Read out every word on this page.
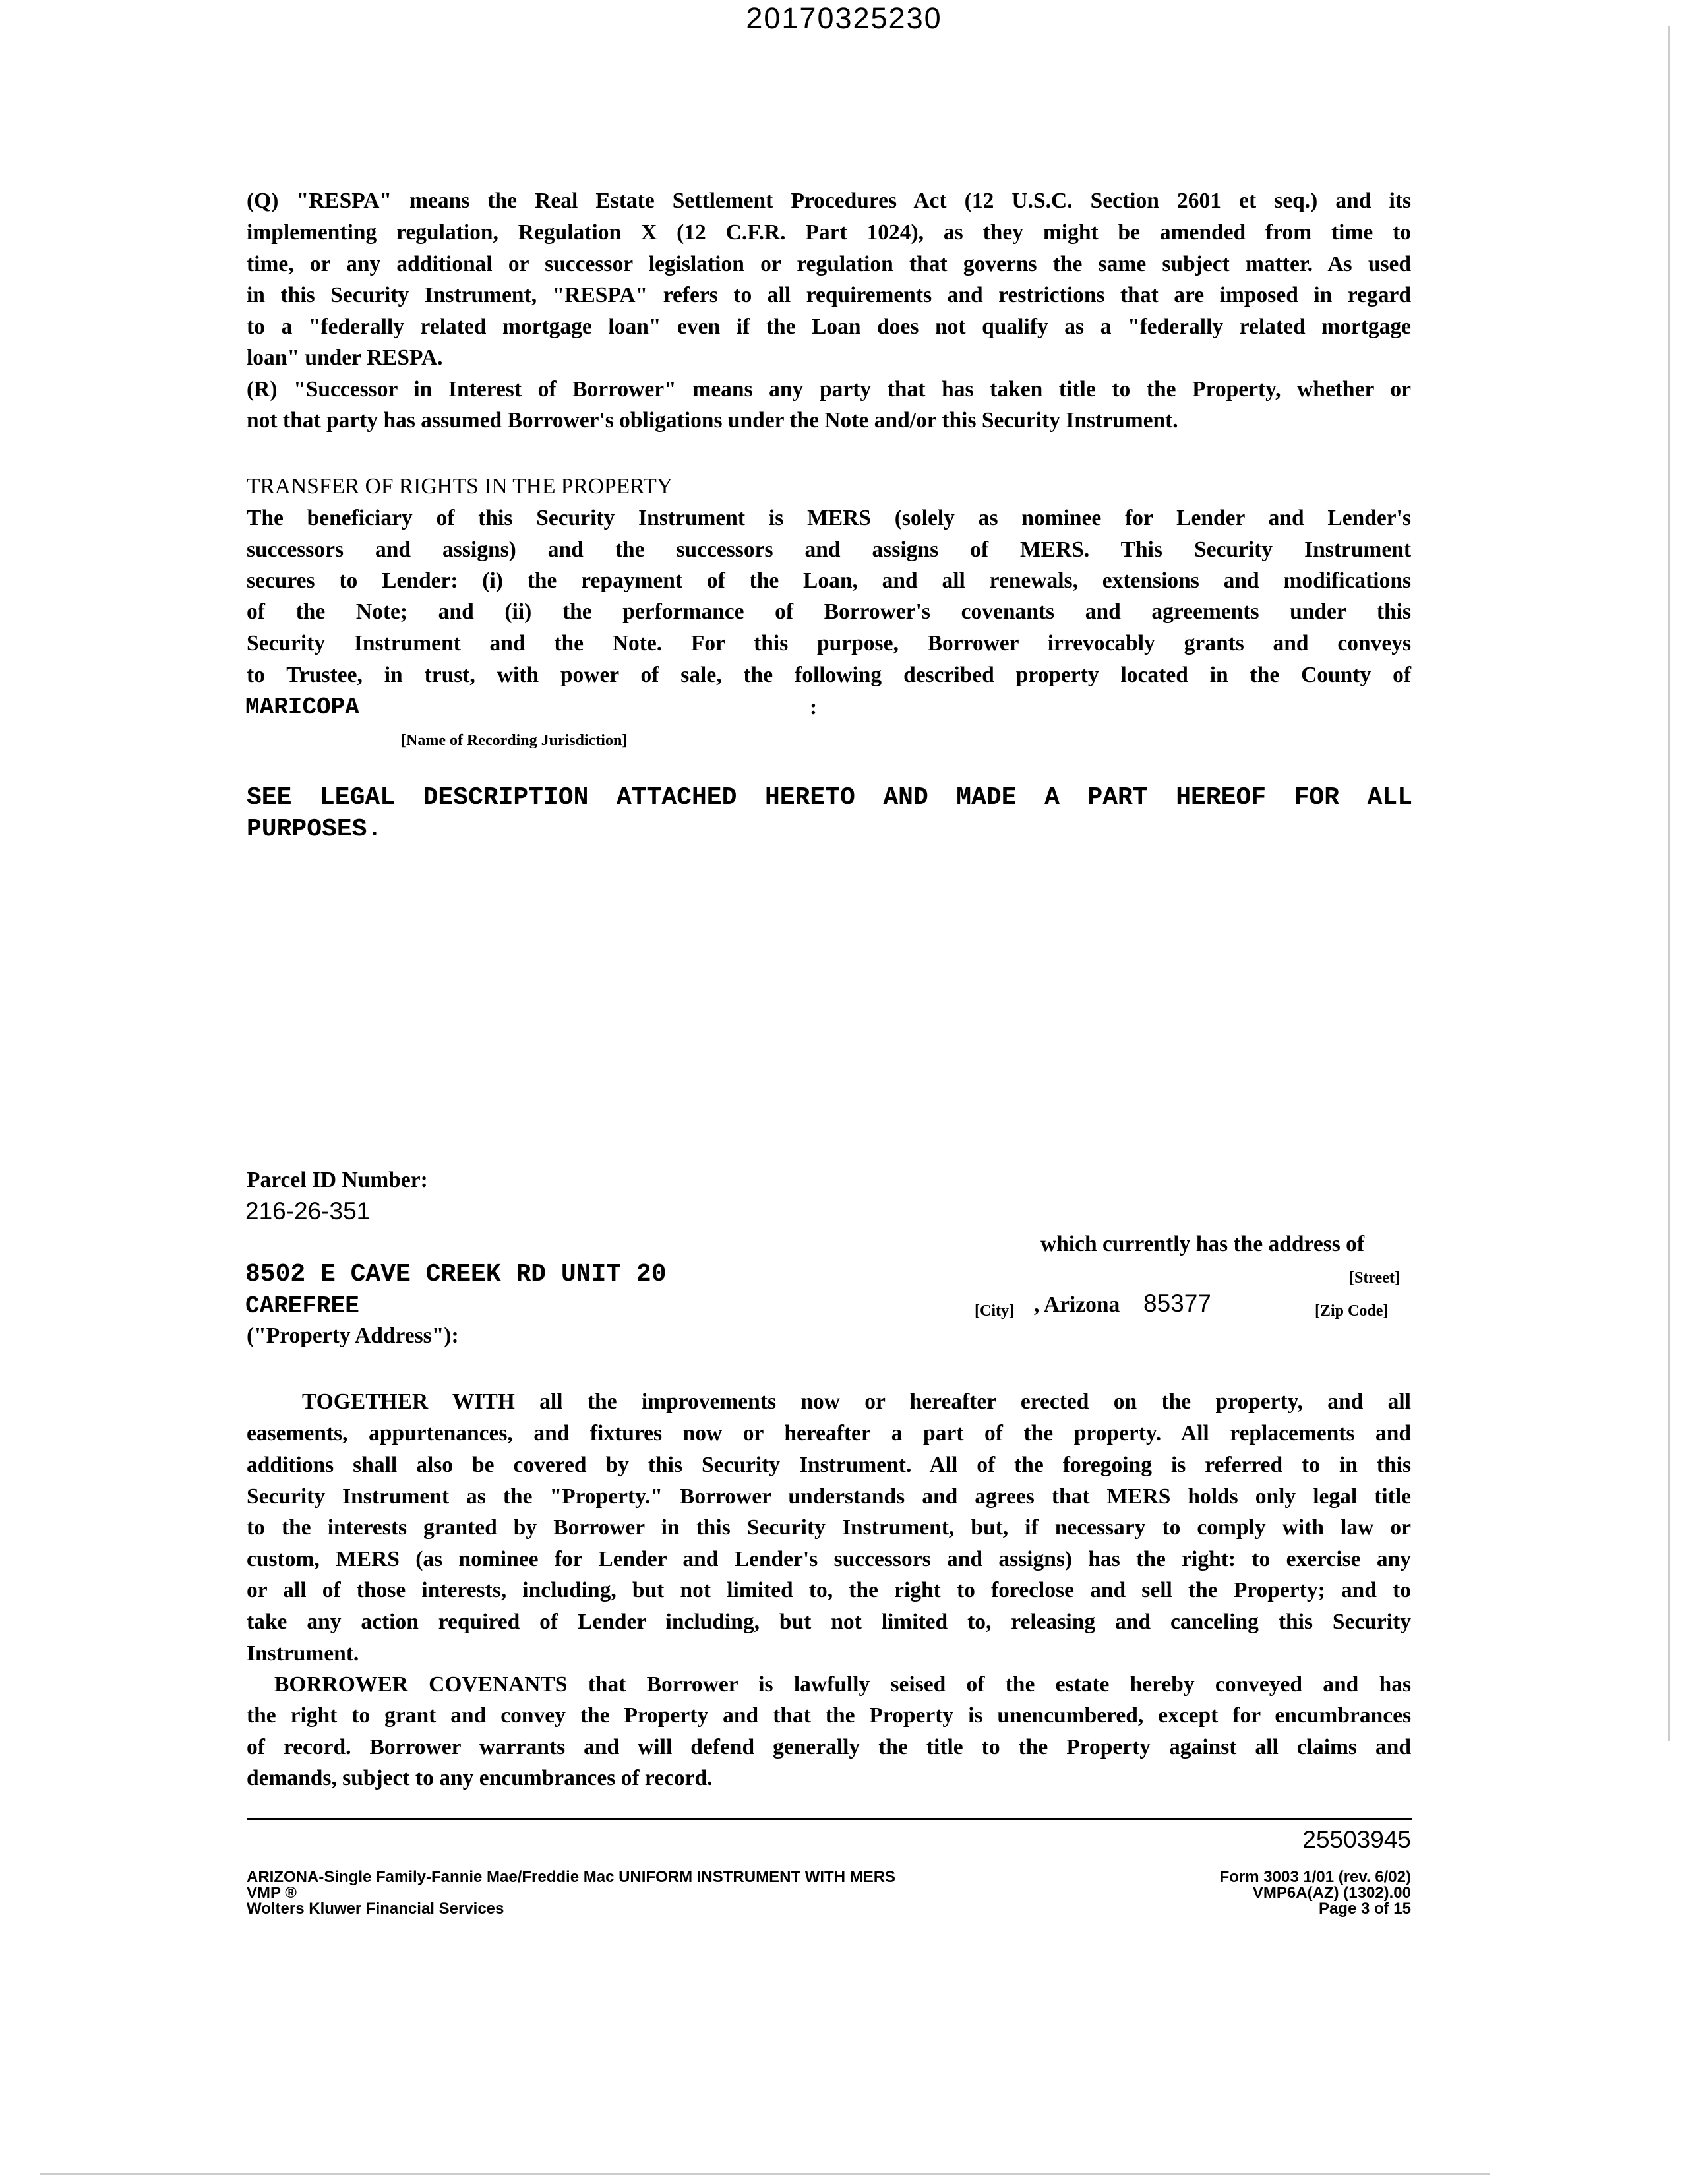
20170325230
(Q) "RESPA" means the Real Estate Settlement Procedures Act (12 U.S.C. Section 2601 et seq.) and its
implementing regulation, Regulation X (12 C.F.R. Part 1024), as they might be amended from time to
time, or any additional or successor legislation or regulation that governs the same subject matter. As used
in this Security Instrument, "RESPA" refers to all requirements and restrictions that are imposed in regard
to a "federally related mortgage loan" even if the Loan does not qualify as a "federally related mortgage
loan" under RESPA.
(R) "Successor in Interest of Borrower" means any party that has taken title to the Property, whether or
not that party has assumed Borrower's obligations under the Note and/or this Security Instrument.
TRANSFER OF RIGHTS IN THE PROPERTY
The beneficiary of this Security Instrument is MERS (solely as nominee for Lender and Lender's
successors and assigns) and the successors and assigns of MERS. This Security Instrument
secures to Lender: (i) the repayment of the Loan, and all renewals, extensions and modifications
of the Note; and (ii) the performance of Borrower's covenants and agreements under this
Security Instrument and the Note. For this purpose, Borrower irrevocably grants and conveys
to Trustee, in trust, with power of sale, the following described property located in the County of
MARICOPA	:
[Name of Recording Jurisdiction]
SEE LEGAL DESCRIPTION ATTACHED HERETO AND MADE A PART HEREOF FOR ALL
PURPOSES.
Parcel ID Number:
216-26-351
which currently has the address of
8502 E CAVE CREEK RD UNIT 20	[Street]
CAREFREE	[City] , Arizona 85377	[Zip Code]
("Property Address"):
TOGETHER WITH all the improvements now or hereafter erected on the property, and all
easements, appurtenances, and fixtures now or hereafter a part of the property. All replacements and
additions shall also be covered by this Security Instrument. All of the foregoing is referred to in this
Security Instrument as the "Property." Borrower understands and agrees that MERS holds only legal title
to the interests granted by Borrower in this Security Instrument, but, if necessary to comply with law or
custom, MERS (as nominee for Lender and Lender's successors and assigns) has the right: to exercise any
or all of those interests, including, but not limited to, the right to foreclose and sell the Property; and to
take any action required of Lender including, but not limited to, releasing and canceling this Security
Instrument.
BORROWER COVENANTS that Borrower is lawfully seised of the estate hereby conveyed and has
the right to grant and convey the Property and that the Property is unencumbered, except for encumbrances
of record. Borrower warrants and will defend generally the title to the Property against all claims and
demands, subject to any encumbrances of record.
25503945
ARIZONA-Single Family-Fannie Mae/Freddie Mac UNIFORM INSTRUMENT WITH MERS
VMP ®
Wolters Kluwer Financial Services
Form 3003 1/01 (rev. 6/02)
VMP6A(AZ) (1302).00
Page 3 of 15
